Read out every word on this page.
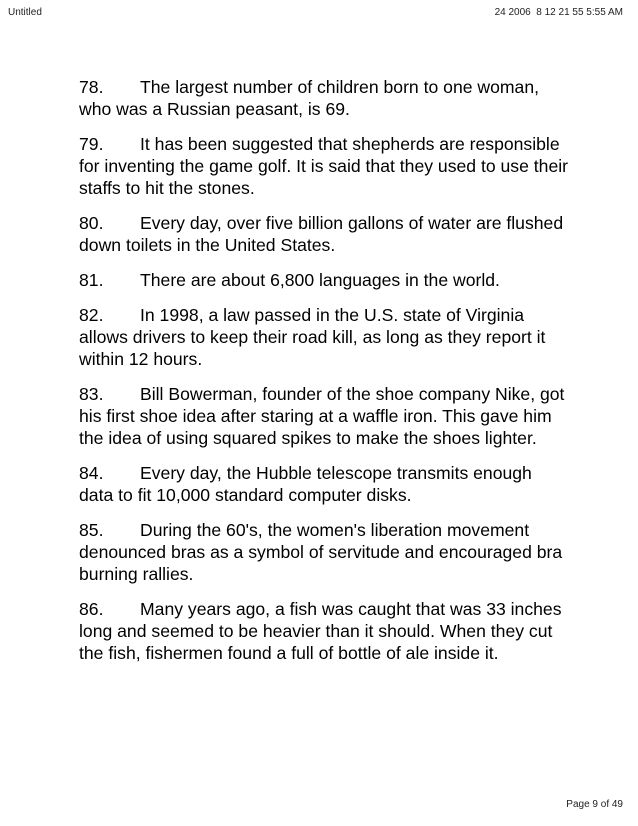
Untitled	24 2006  8 12 21 55 5:55 AM

78. The largest number of children born to one woman, who was a Russian peasant, is 69.

79. It has been suggested that shepherds are responsible for inventing the game golf. It is said that they used to use their staffs to hit the stones.

80. Every day, over five billion gallons of water are flushed down toilets in the United States.

81. There are about 6,800 languages in the world.

82. In 1998, a law passed in the U.S. state of Virginia allows drivers to keep their road kill, as long as they report it within 12 hours.

83. Bill Bowerman, founder of the shoe company Nike, got his first shoe idea after staring at a waffle iron. This gave him the idea of using squared spikes to make the shoes lighter.

84. Every day, the Hubble telescope transmits enough data to fit 10,000 standard computer disks.

85. During the 60's, the women's liberation movement denounced bras as a symbol of servitude and encouraged bra burning rallies.

86. Many years ago, a fish was caught that was 33 inches long and seemed to be heavier than it should. When they cut the fish, fishermen found a full of bottle of ale inside it.

Page 9 of 49
